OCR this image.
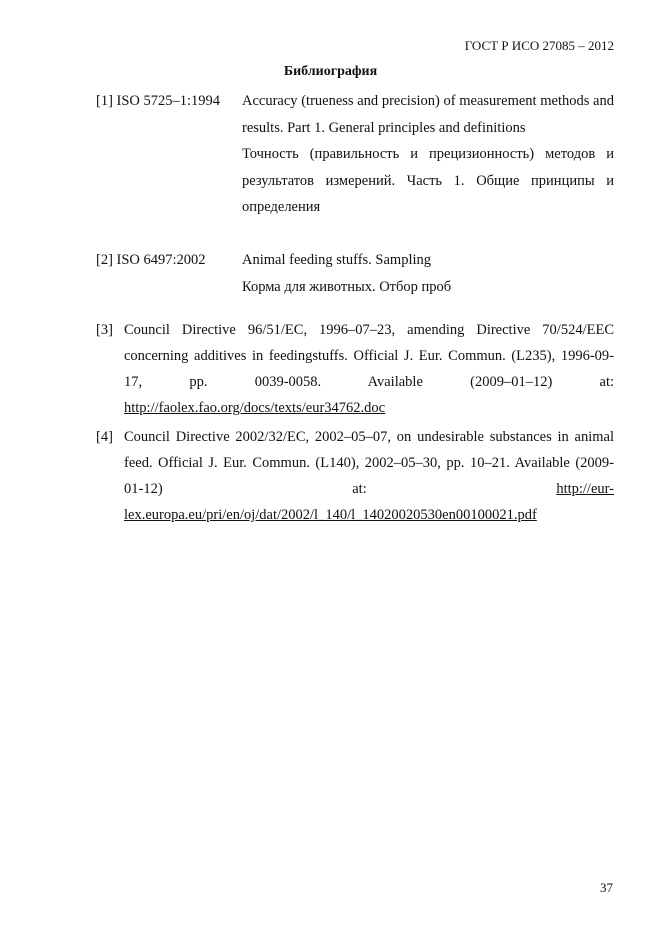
ГОСТ Р ИСО 27085 – 2012
Библиография
[1] ISO 5725–1:1994	Accuracy (trueness and precision) of measurement methods and results. Part 1. General principles and definitions
Точность (правильность и прецизионность) методов и результатов измерений. Часть 1. Общие принципы и определения
[2] ISO 6497:2002	Animal feeding stuffs. Sampling
Корма для животных. Отбор проб
[3] Council Directive 96/51/EC, 1996–07–23, amending Directive 70/524/EEC concerning additives in feedingstuffs. Official J. Eur. Commun. (L235), 1996-09-17, pp. 0039-0058. Available (2009–01–12) at: http://faolex.fao.org/docs/texts/eur34762.doc
[4] Council Directive 2002/32/EC, 2002–05–07, on undesirable substances in animal feed. Official J. Eur. Commun. (L140), 2002–05–30, pp. 10–21. Available (2009-01-12) at:	http://eur-lex.europa.eu/pri/en/oj/dat/2002/l_140/l_14020020530en00100021.pdf
37
